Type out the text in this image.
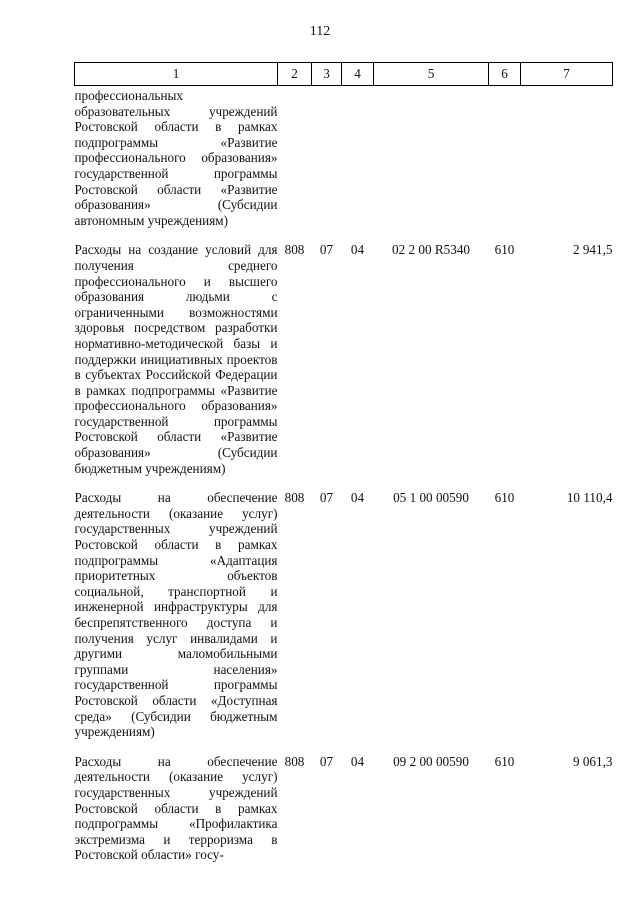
112
1	2	3	4	5	6	7
профессиональных образовательных учреждений Ростовской области в рамках подпрограммы «Развитие профессионального образования» государственной программы Ростовской области «Развитие образования» (Субсидии автономным учреждениям)						
Расходы на создание условий для получения среднего профессионального и высшего образования людьми с ограниченными возможностями здоровья посредством разработки нормативно-методической базы и поддержки инициативных проектов в субъектах Российской Федерации в рамках подпрограммы «Развитие профессионального образования» государственной программы Ростовской области «Развитие образования» (Субсидии бюджетным учреждениям)	808	07	04	02 2 00 R5340	610	2 941,5
Расходы на обеспечение деятельности (оказание услуг) государственных учреждений Ростовской области в рамках подпрограммы «Адаптация приоритетных объектов социальной, транспортной и инженерной инфраструктуры для беспрепятственного доступа и получения услуг инвалидами и другими маломобильными группами населения» государственной программы Ростовской области «Доступная среда» (Субсидии бюджетным учреждениям)	808	07	04	05 1 00 00590	610	10 110,4
Расходы на обеспечение деятельности (оказание услуг) государственных учреждений Ростовской области в рамках подпрограммы «Профилактика экстремизма и терроризма в Ростовской области» госу-	808	07	04	09 2 00 00590	610	9 061,3
